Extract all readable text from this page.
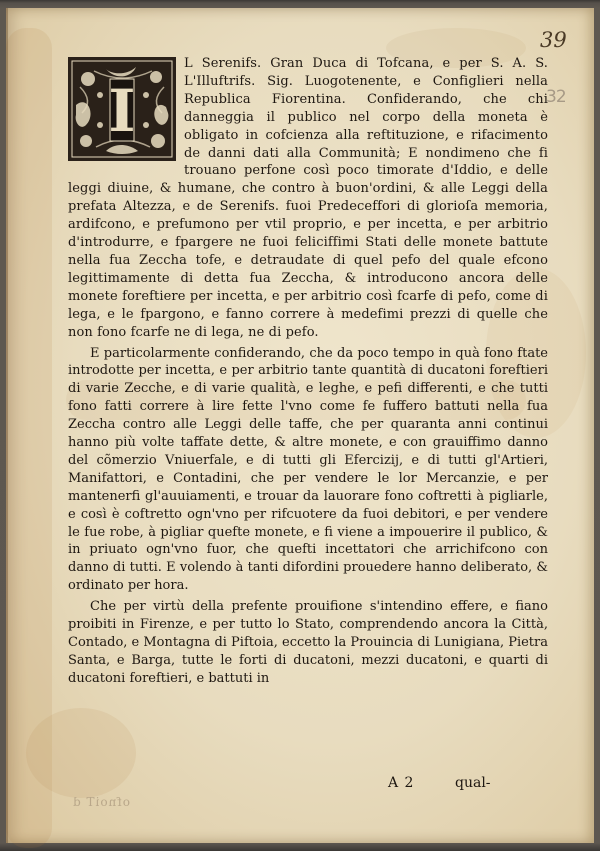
39
32
I

L Serenifs. Gran Duca di Tofcana, e per S. A. S. L'Illuftrifs. Sig. Luogotenente, e Configlieri nella Republica Fiorentina. Confiderando, che chi danneggia il publico nel corpo della moneta è obligato in cofcienza alla reftituzione, e rifacimento de danni dati alla Communità; E nondimeno che fi trouano perfone così poco timorate d'Iddio, e delle leggi diuine, & humane, che contro à buon'ordini, & alle Leggi della prefata Altezza, e de Serenifs. fuoi Predeceffori di glorioſa memoria, ardifcono, e prefumono per vtil proprio, e per incetta, e per arbitrio d'introdurre, e fpargere ne fuoi feliciffimi Stati delle monete battute nella fua Zeccha tofe, e detraudate di quel pefo del quale efcono legittimamente di detta fua Zeccha, & introducono ancora delle monete foreftiere per incetta, e per arbitrio così fcarfe di pefo, come di lega, e le fpargono, e fanno correre à medefimi prezzi di quelle che non fono fcarfe ne di lega, ne di pefo.

E particolarmente confiderando, che da poco tempo in quà fono ftate introdotte per incetta, e per arbitrio tante quantità di ducatoni foreftieri di varie Zecche, e di varie qualità, e leghe, e pefi differenti, e che tutti fono fatti correre à lire fette l'vno come fe fuffero battuti nella fua Zeccha contro alle Leggi delle taffe, che per quaranta anni continui hanno più volte taffate dette, & altre monete, e con grauiffimo danno del cõmerzio Vniuerfale, e di tutti gli Efercizij, e di tutti gl'Artieri, Manifattori, e Contadini, che per vendere le lor Mercanzie, e per mantenerfi gl'auuiamenti, e trouar da lauorare fono coftretti à pigliarle, e così è coftretto ogn'vno per rifcuotere da fuoi debitori, e per vendere le fue robe, à pigliar quefte monete, e fi viene a impouerire il publico, & in priuato ogn'vno fuor, che quefti incettatori che arrichifcono con danno di tutti. E volendo à tanti difordini prouedere hanno deliberato, & ordinato per hora.

Che per virtù della prefente prouifione s'intendino effere, e fiano proibiti in Firenze, e per tutto lo Stato, comprendendo ancora la Città, Contado, e Montagna di Piftoia, eccetto la Prouincia di Lunigiana, Pietra Santa, e Barga, tutte le forti di ducatoni, mezzi ducatoni, e quarti di ducatoni foreftieri, e battuti in

ofnoiT d
A 2	qual-
